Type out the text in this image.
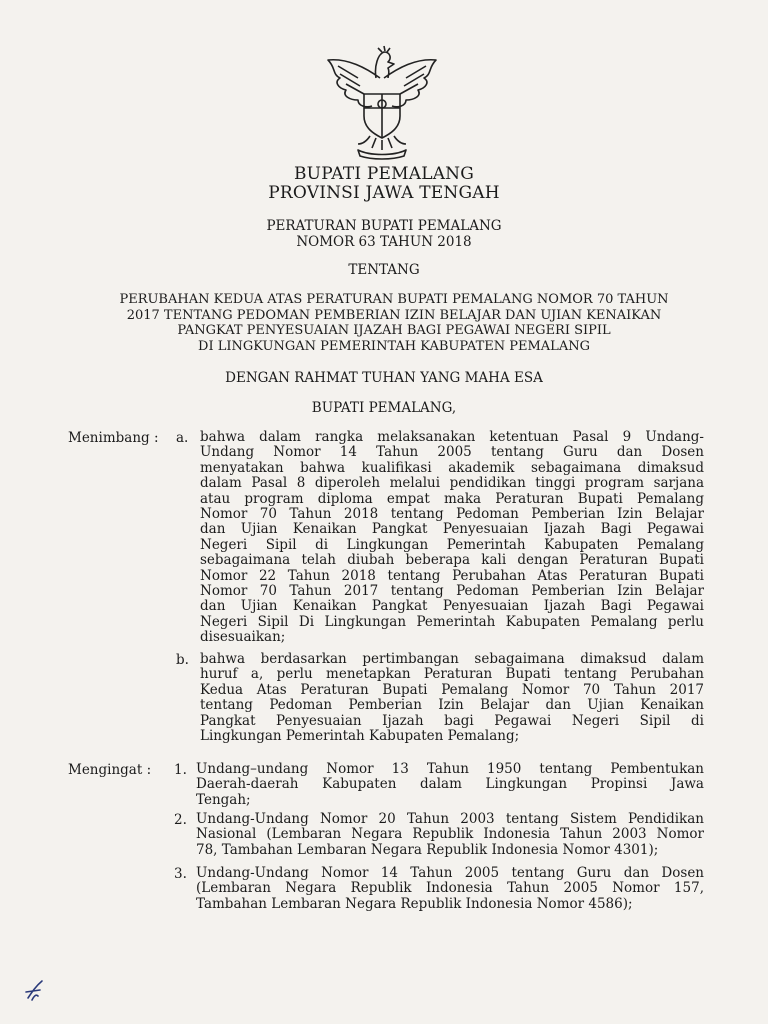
BUPATI PEMALANG
PROVINSI JAWA TENGAH
PERATURAN BUPATI PEMALANG
NOMOR 63 TAHUN 2018
TENTANG
PERUBAHAN KEDUA ATAS PERATURAN BUPATI PEMALANG NOMOR 70 TAHUN
2017 TENTANG PEDOMAN PEMBERIAN IZIN BELAJAR DAN UJIAN KENAIKAN
PANGKAT PENYESUAIAN IJAZAH BAGI PEGAWAI NEGERI SIPIL
DI LINGKUNGAN PEMERINTAH KABUPATEN PEMALANG
DENGAN RAHMAT TUHAN YANG MAHA ESA
BUPATI PEMALANG,
Menimbang : a. bahwa dalam rangka melaksanakan ketentuan Pasal 9 Undang-
Undang Nomor 14 Tahun 2005 tentang Guru dan Dosen
menyatakan bahwa kualifikasi akademik sebagaimana dimaksud
dalam Pasal 8 diperoleh melalui pendidikan tinggi program sarjana
atau program diploma empat maka Peraturan Bupati Pemalang
Nomor 70 Tahun 2018 tentang Pedoman Pemberian Izin Belajar
dan Ujian Kenaikan Pangkat Penyesuaian Ijazah Bagi Pegawai
Negeri Sipil di Lingkungan Pemerintah Kabupaten Pemalang
sebagaimana telah diubah beberapa kali dengan Peraturan Bupati
Nomor 22 Tahun 2018 tentang Perubahan Atas Peraturan Bupati
Nomor 70 Tahun 2017 tentang Pedoman Pemberian Izin Belajar
dan Ujian Kenaikan Pangkat Penyesuaian Ijazah Bagi Pegawai
Negeri Sipil Di Lingkungan Pemerintah Kabupaten Pemalang perlu
disesuaikan;
b. bahwa berdasarkan pertimbangan sebagaimana dimaksud dalam
huruf a, perlu menetapkan Peraturan Bupati tentang Perubahan
Kedua Atas Peraturan Bupati Pemalang Nomor 70 Tahun 2017
tentang Pedoman Pemberian Izin Belajar dan Ujian Kenaikan
Pangkat Penyesuaian Ijazah bagi Pegawai Negeri Sipil di
Lingkungan Pemerintah Kabupaten Pemalang;
Mengingat : 1. Undang–undang Nomor 13 Tahun 1950 tentang Pembentukan
Daerah-daerah Kabupaten dalam Lingkungan Propinsi Jawa
Tengah;
2. Undang-Undang Nomor 20 Tahun 2003 tentang Sistem Pendidikan
Nasional (Lembaran Negara Republik Indonesia Tahun 2003 Nomor
78, Tambahan Lembaran Negara Republik Indonesia Nomor 4301);
3. Undang-Undang Nomor 14 Tahun 2005 tentang Guru dan Dosen
(Lembaran Negara Republik Indonesia Tahun 2005 Nomor 157,
Tambahan Lembaran Negara Republik Indonesia Nomor 4586);
